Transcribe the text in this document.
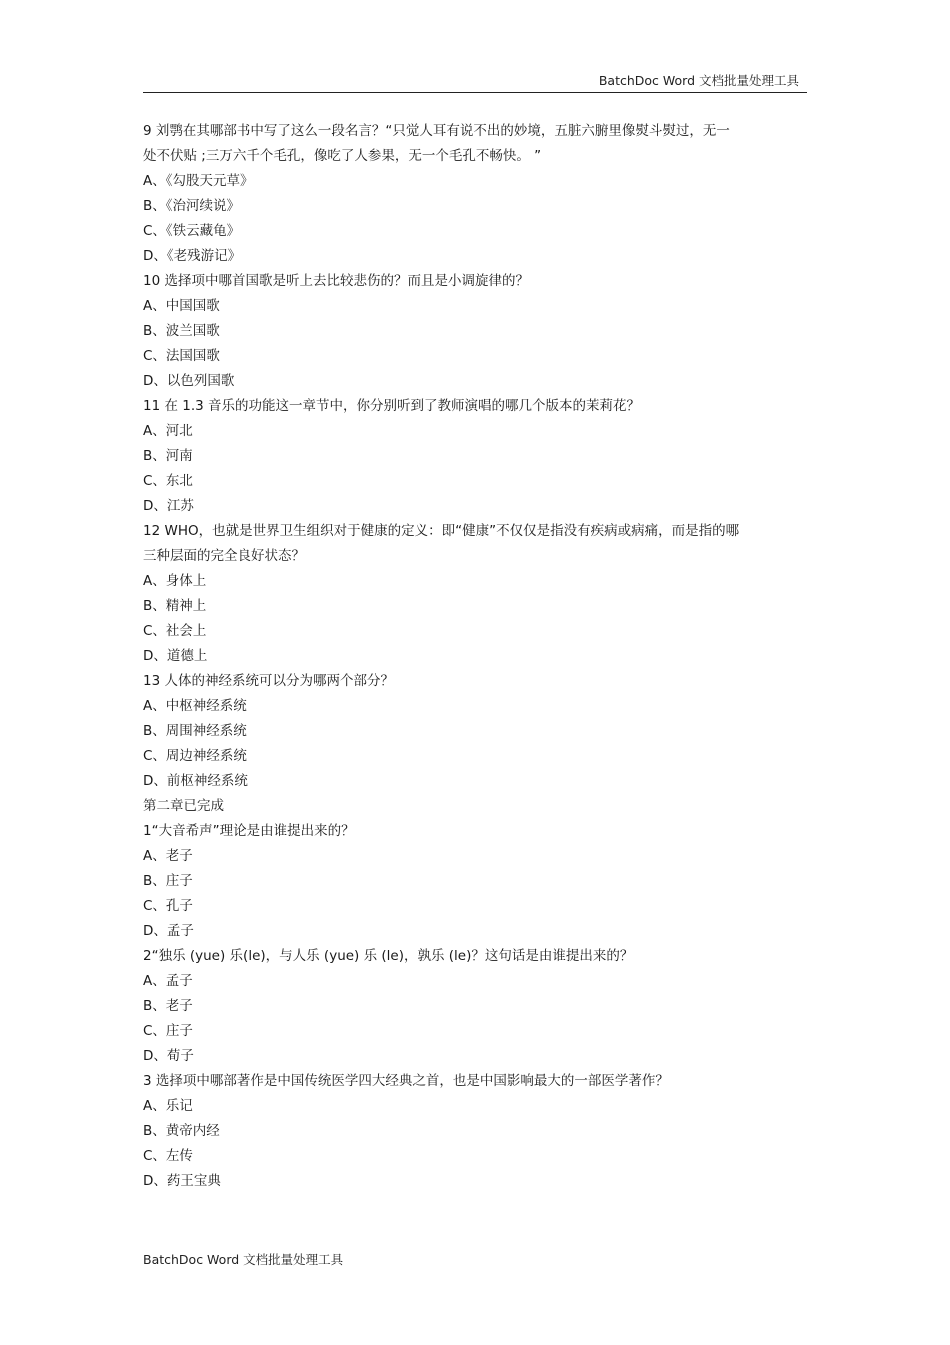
BatchDoc Word 文档批量处理工具
9 刘鹗在其哪部书中写了这么一段名言？“只觉人耳有说不出的妙境，五脏六腑里像熨斗熨过，无一处不伏贴 ;三万六千个毛孔，像吃了人参果，无一个毛孔不畅快。 ”
A、《勾股天元草》
B、《治河续说》
C、《铁云藏龟》
D、《老残游记》
10 选择项中哪首国歌是听上去比较悲伤的？而且是小调旋律的？
A、中国国歌
B、波兰国歌
C、法国国歌
D、以色列国歌
11 在 1.3 音乐的功能这一章节中，你分别听到了教师演唱的哪几个版本的茉莉花？
A、河北
B、河南
C、东北
D、江苏
12 WHO，也就是世界卫生组织对于健康的定义：即“健康”不仅仅是指没有疾病或病痛，而是指的哪三种层面的完全良好状态？
A、身体上
B、精神上
C、社会上
D、道德上
13 人体的神经系统可以分为哪两个部分？
A、中枢神经系统
B、周围神经系统
C、周边神经系统
D、前枢神经系统
第二章已完成
1“大音希声”理论是由谁提出来的？
A、老子
B、庄子
C、孔子
D、孟子
2“独乐 (yue) 乐(le)，与人乐 (yue) 乐 (le)，孰乐 (le)？这句话是由谁提出来的？
A、孟子
B、老子
C、庄子
D、荀子
3 选择项中哪部著作是中国传统医学四大经典之首，也是中国影响最大的一部医学著作？
A、乐记
B、黄帝内经
C、左传
D、药王宝典
BatchDoc Word 文档批量处理工具
